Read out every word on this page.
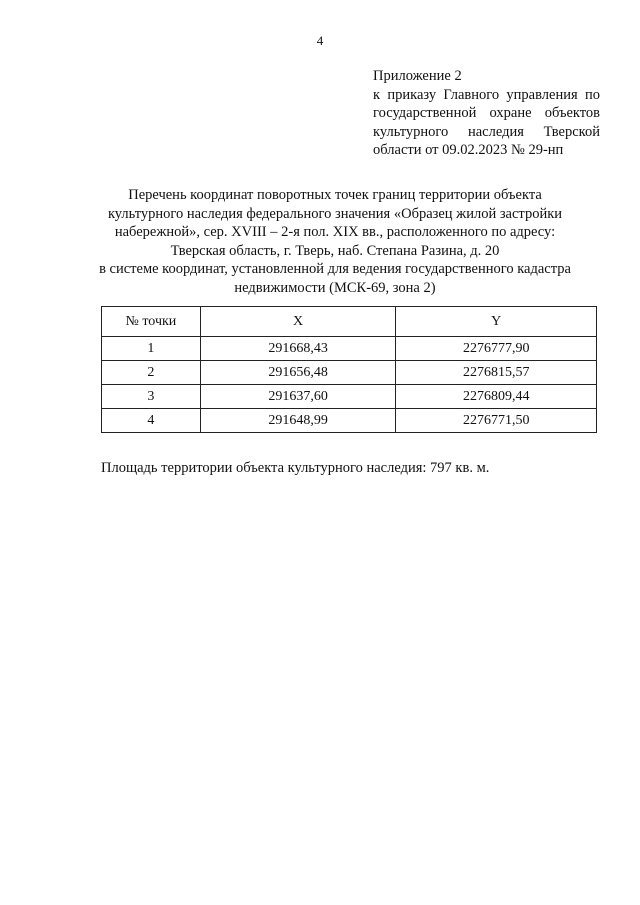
4
Приложение 2
к приказу Главного управления по
государственной охране объектов
культурного наследия Тверской
области от 09.02.2023 № 29-нп
Перечень координат поворотных точек границ территории объекта
культурного наследия федерального значения «Образец жилой застройки
набережной», сер. XVIII – 2-я пол. XIX вв., расположенного по адресу:
Тверская область, г. Тверь, наб. Степана Разина, д. 20
в системе координат, установленной для ведения государственного кадастра
недвижимости (МСК-69, зона 2)
№ точки	X	Y
1	291668,43	2276777,90
2	291656,48	2276815,57
3	291637,60	2276809,44
4	291648,99	2276771,50
Площадь территории объекта культурного наследия: 797 кв. м.
